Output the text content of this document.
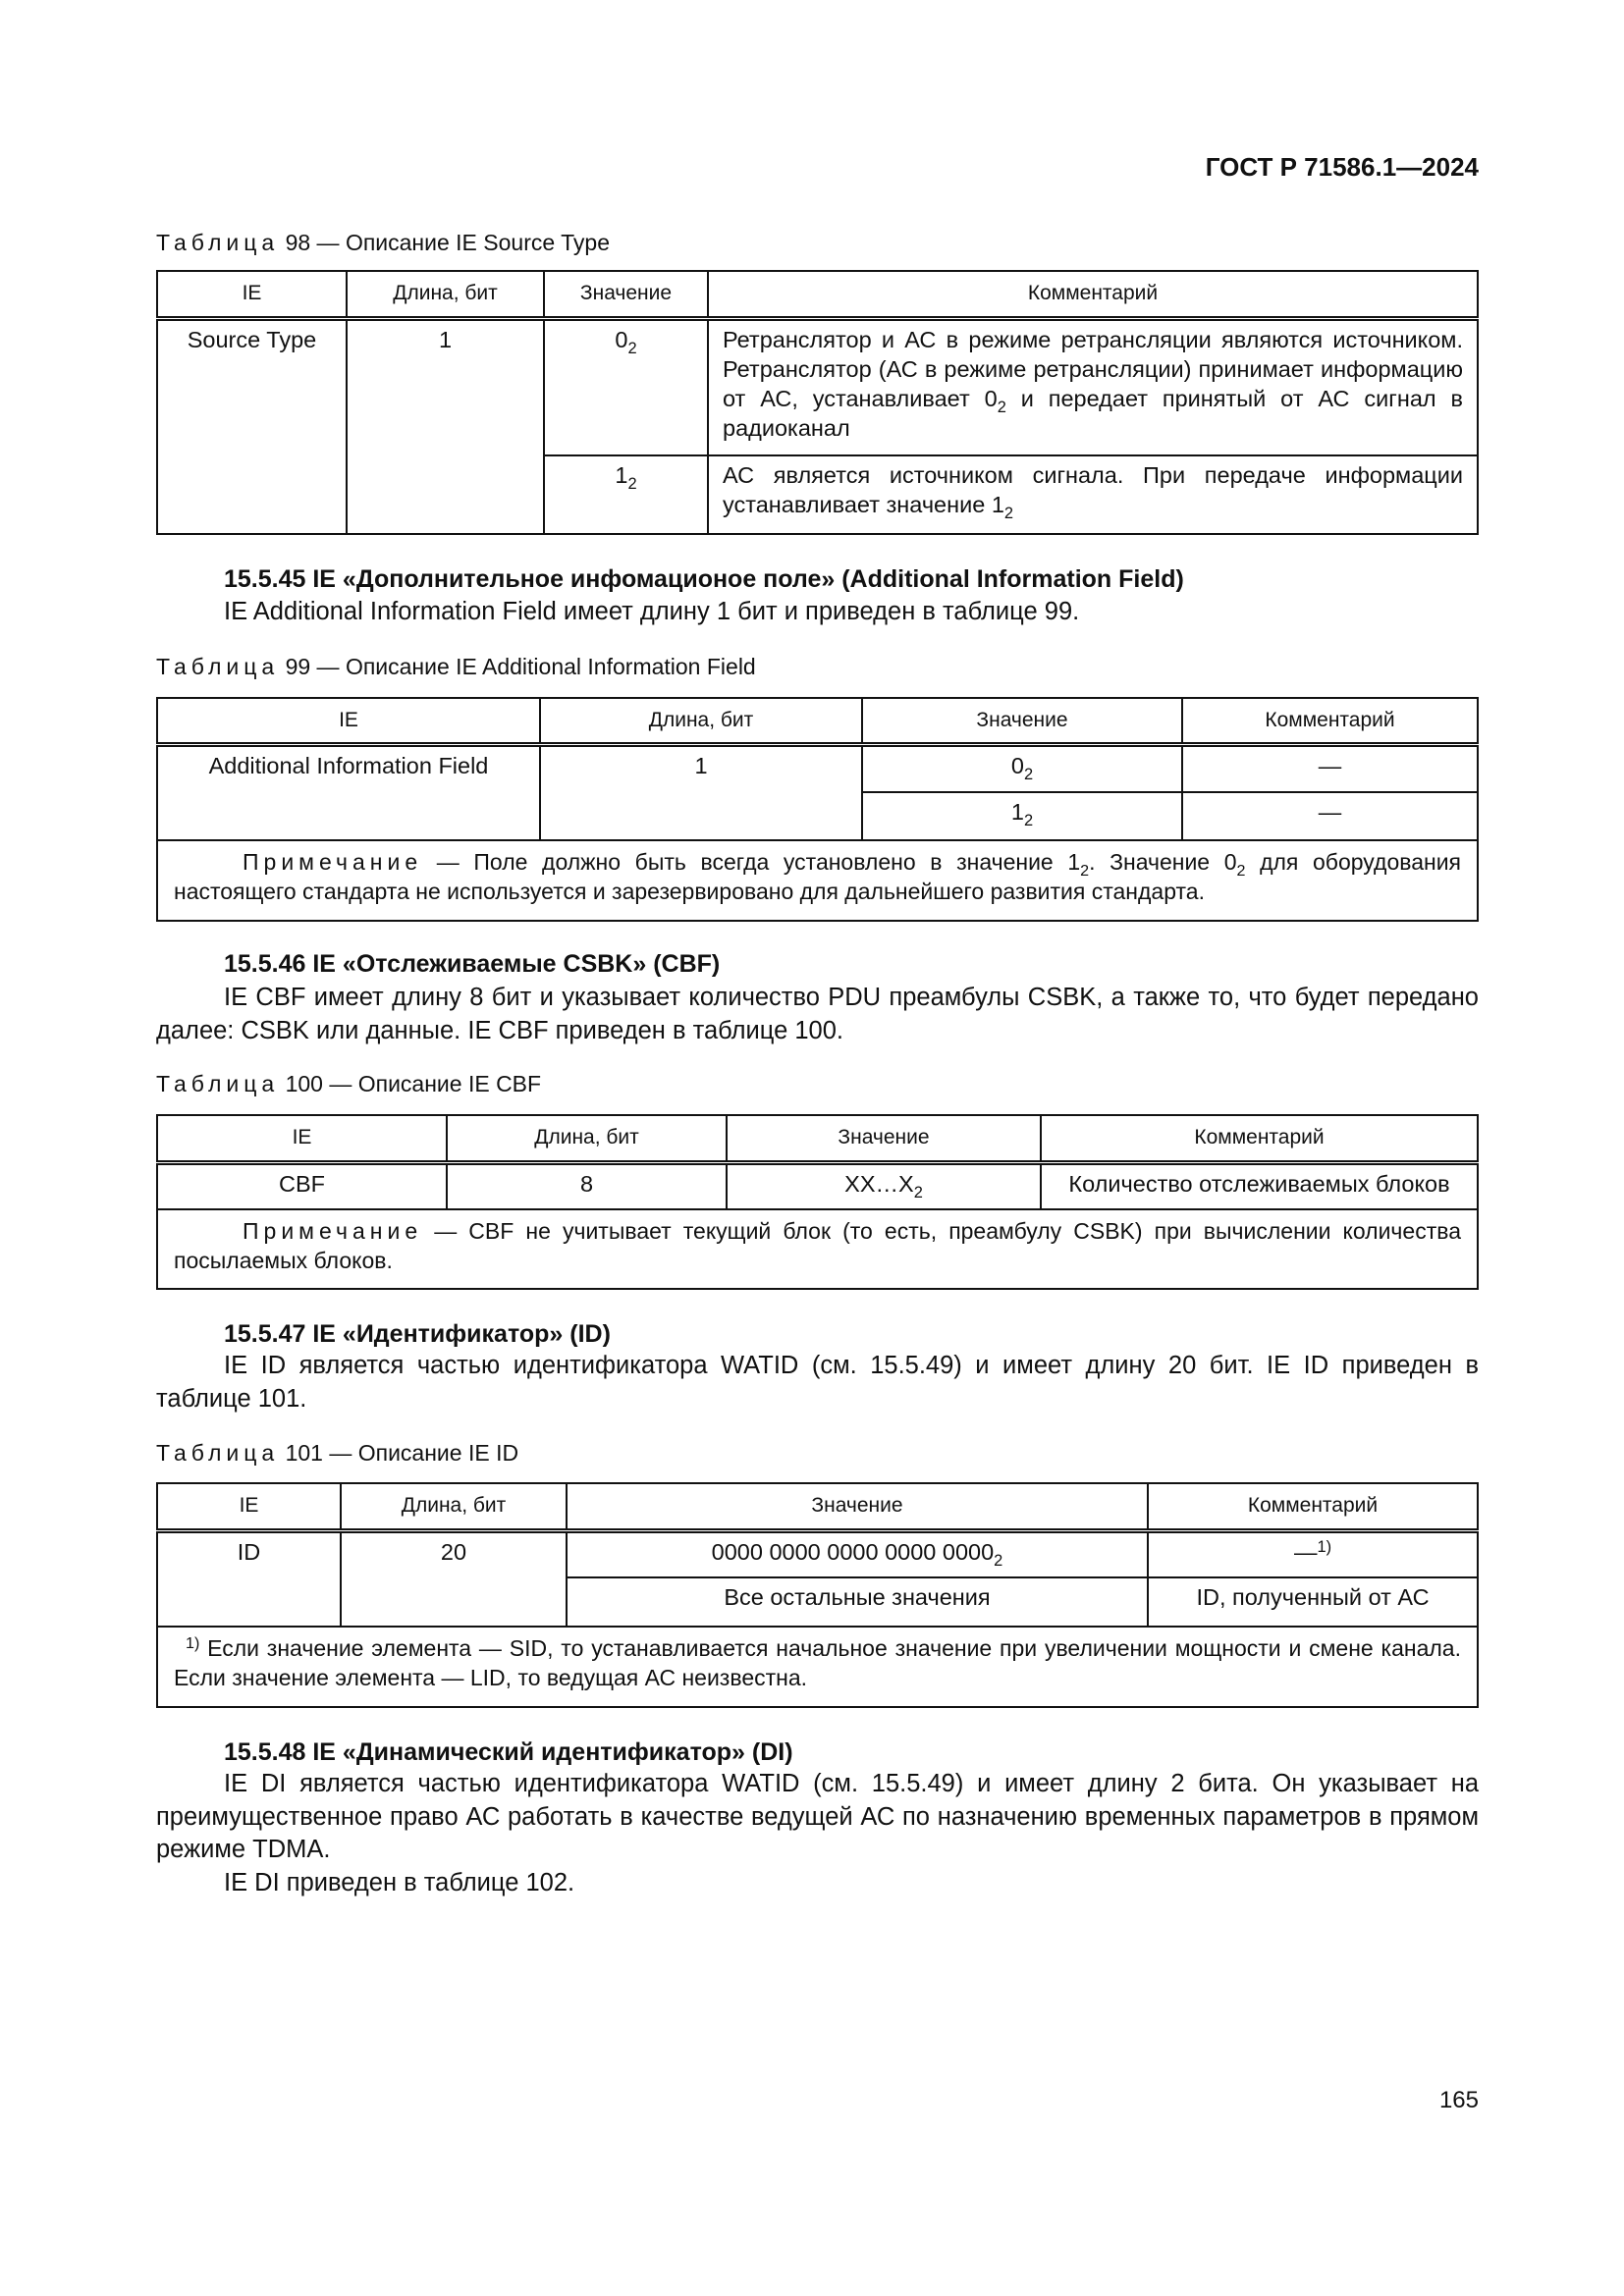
ГОСТ Р 71586.1—2024
Таблица 98 — Описание IE Source Type
IE	Длина, бит	Значение	Комментарий
Source Type	1	$0_2$	Ретранслятор и АС в режиме ретрансляции являются источником. Ретранслятор (АС в режиме ретрансляции) принимает информацию от АС, устанавливает $0_2$ и передает принятый от АС сигнал в радиоканал
		$1_2$	АС является источником сигнала. При передаче информации устанавливает значение $1_2$
15.5.45 IE «Дополнительное инфомационое поле» (Additional Information Field)
IE Additional Information Field имеет длину 1 бит и приведен в таблице 99.
Таблица 99 — Описание IE Additional Information Field
IE	Длина, бит	Значение	Комментарий
Additional Information Field	1	$0_2$	—
		$1_2$	—
Примечание — Поле должно быть всегда установлено в значение $1_2$. Значение $0_2$ для оборудования настоящего стандарта не используется и зарезервировано для дальнейшего развития стандарта.			
15.5.46 IE «Отслеживаемые CSBK» (CBF)
IE CBF имеет длину 8 бит и указывает количество PDU преамбулы CSBK, а также то, что будет передано далее: CSBK или данные. IE CBF приведен в таблице 100.
Таблица 100 — Описание IE CBF
IE	Длина, бит	Значение	Комментарий
CBF	8	$XX\dots X_2$	Количество отслеживаемых блоков
Примечание — CBF не учитывает текущий блок (то есть, преамбулу CSBK) при вычислении количества посылаемых блоков.			
15.5.47 IE «Идентификатор» (ID)
IE ID является частью идентификатора WATID (см. 15.5.49) и имеет длину 20 бит. IE ID приведен в таблице 101.
Таблица 101 — Описание IE ID
IE	Длина, бит	Значение	Комментарий
ID	20	0000 0000 0000 0000 $0000_2$	—$^{1)}$
		Все остальные значения	ID, полученный от АС
$^{1)}$ Если значение элемента — SID, то устанавливается начальное значение при увеличении мощности и смене канала. Если значение элемента — LID, то ведущая АС неизвестна.			
15.5.48 IE «Динамический идентификатор» (DI)
IE DI является частью идентификатора WATID (см. 15.5.49) и имеет длину 2 бита. Он указывает на преимущественное право АС работать в качестве ведущей АС по назначению временных параметров в прямом режиме TDMA.
IE DI приведен в таблице 102.
165
